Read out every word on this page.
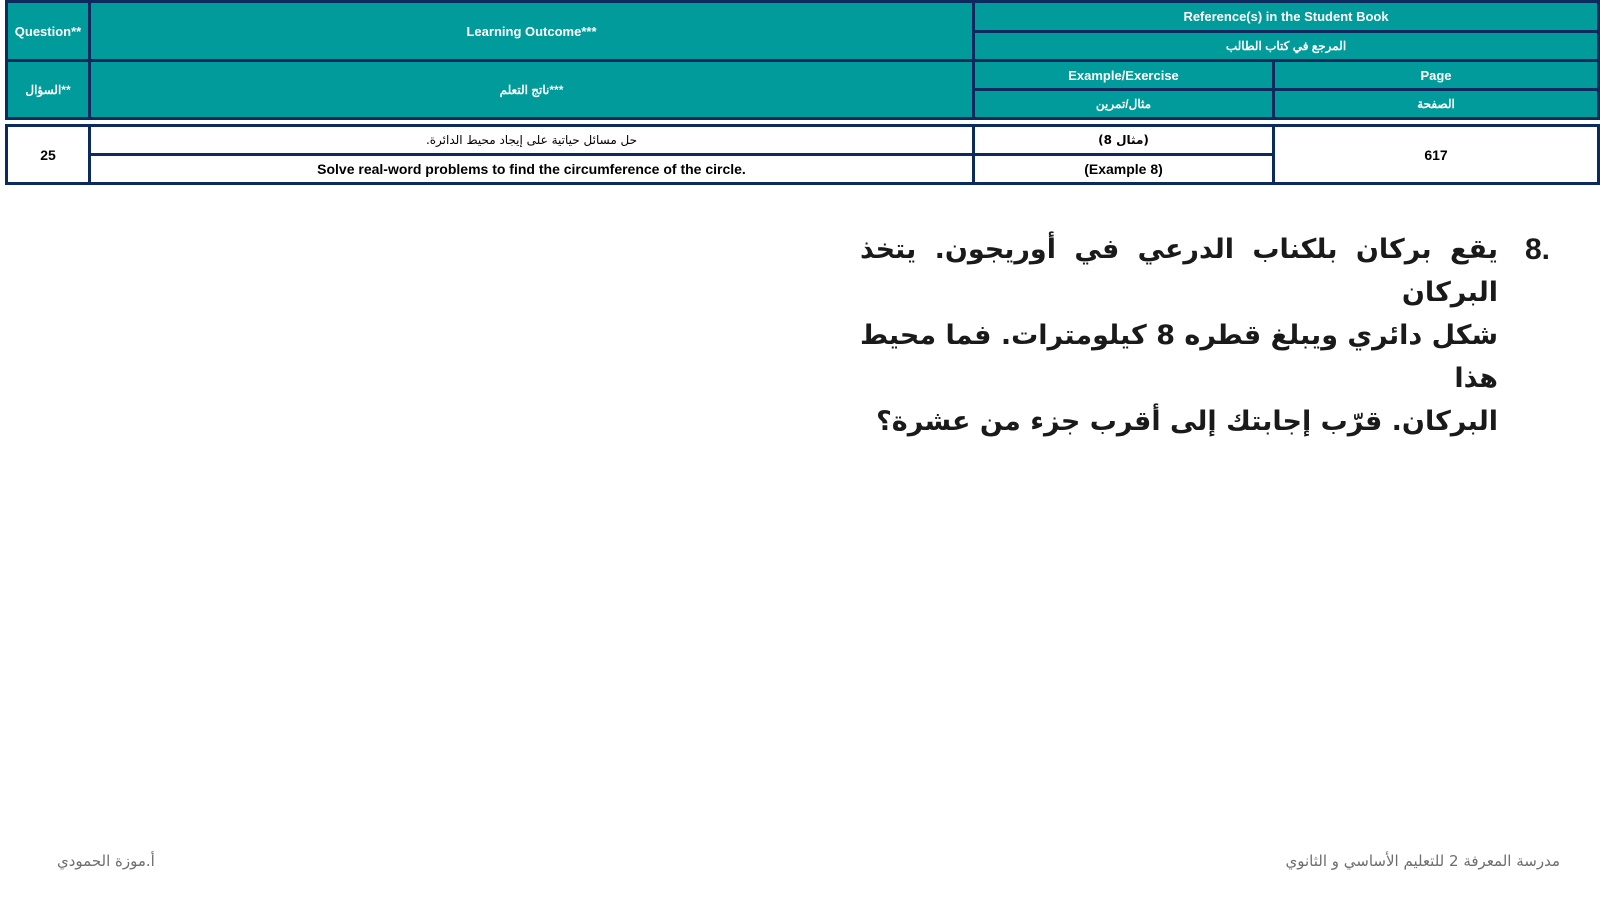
Question**	Learning Outcome***	Reference(s) in the Student Book	
		المرجع في كتاب الطالب	
السؤال**	ناتج التعلم***	Example/Exercise	Page
		مثال/تمرين	الصفحة

25	حل مسائل حياتية على إيجاد محيط الدائرة.	(مثال 8)	617
	Solve real-word problems to find the circumference of the circle.	(Example 8)	
8.
يقع بركان بلكناب الدرعي في أوريجون. يتخذ البركان
شكل دائري ويبلغ قطره 8 كيلومترات. فما محيط هذا
البركان. قرّب إجابتك إلى أقرب جزء من عشرة؟
أ.موزة الحمودي	مدرسة المعرفة 2 للتعليم الأساسي و الثانوي
